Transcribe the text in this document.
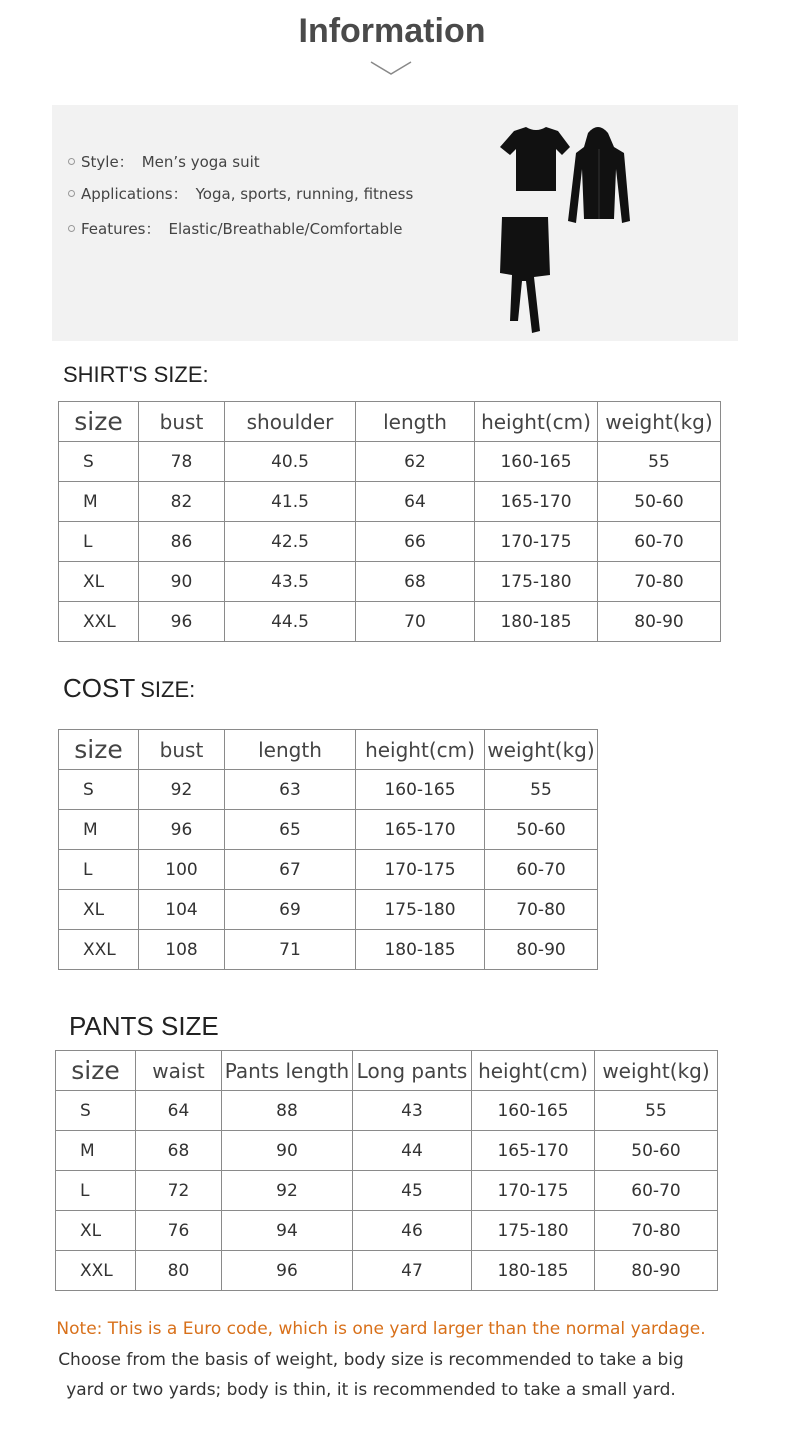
Information
Style： Men’s yoga suit
Applications： Yoga, sports, running, fitness
Features： Elastic/Breathable/Comfortable
SHIRT'S SIZE:
size	bust	shoulder	length	height(cm)	weight(kg)
S	78	40.5	62	160-165	55
M	82	41.5	64	165-170	50-60
L	86	42.5	66	170-175	60-70
XL	90	43.5	68	175-180	70-80
XXL	96	44.5	70	180-185	80-90
COST SIZE:
size	bust	length	height(cm)	weight(kg)
S	92	63	160-165	55
M	96	65	165-170	50-60
L	100	67	170-175	60-70
XL	104	69	175-180	70-80
XXL	108	71	180-185	80-90
PANTS SIZE
size	waist	Pants length	Long pants	height(cm)	weight(kg)
S	64	88	43	160-165	55
M	68	90	44	165-170	50-60
L	72	92	45	170-175	60-70
XL	76	94	46	175-180	70-80
XXL	80	96	47	180-185	80-90
Note: This is a Euro code, which is one yard larger than the normal yardage.
Choose from the basis of weight, body size is recommended to take a big
yard or two yards; body is thin, it is recommended to take a small yard.
